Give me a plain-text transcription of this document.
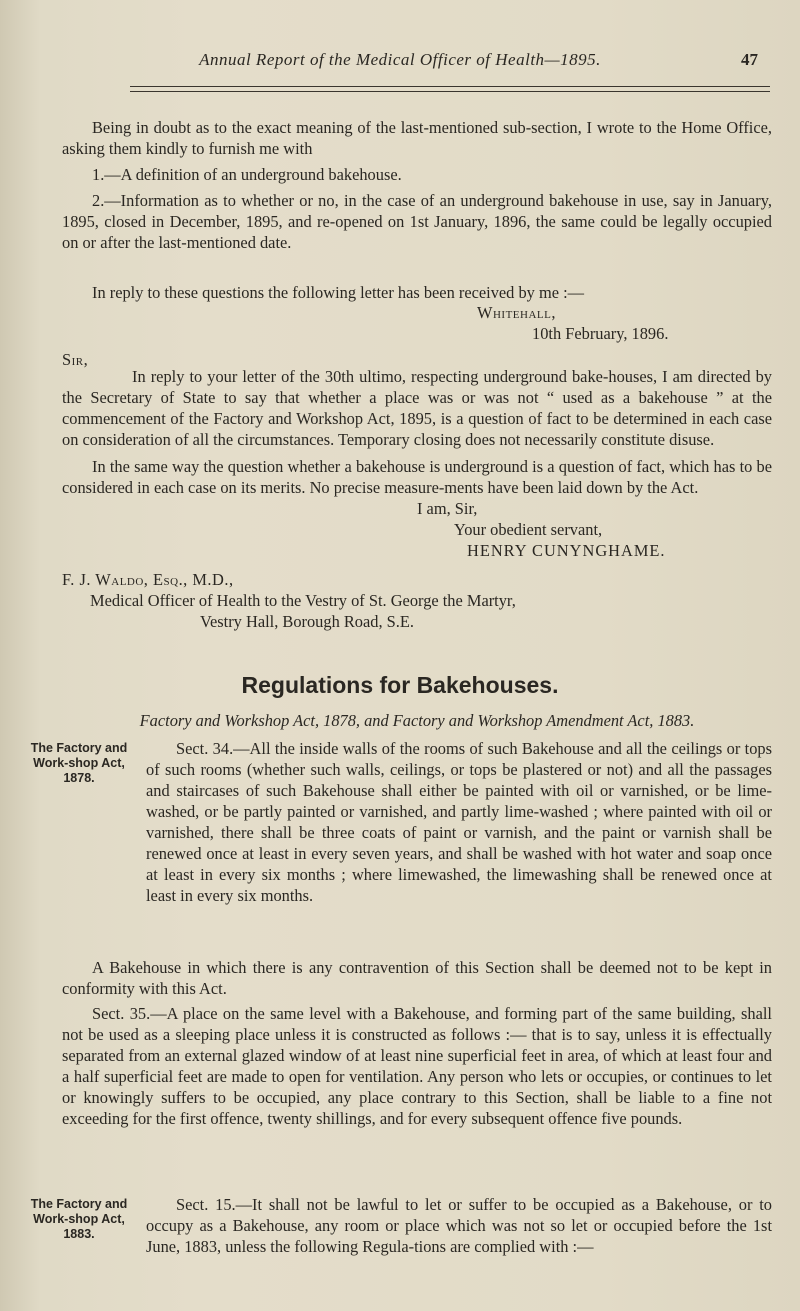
Annual Report of the Medical Officer of Health—1895.	47

Being in doubt as to the exact meaning of the last-mentioned sub-section, I wrote to the Home Office, asking them kindly to furnish me with

1.—A definition of an underground bakehouse.

2.—Information as to whether or no, in the case of an underground bakehouse in use, say in January, 1895, closed in December, 1895, and re-opened on 1st January, 1896, the same could be legally occupied on or after the last-mentioned date.

In reply to these questions the following letter has been received by me :—

Whitehall,
10th February, 1896.
Sir,

In reply to your letter of the 30th ultimo, respecting underground bake-houses, I am directed by the Secretary of State to say that whether a place was or was not “ used as a bakehouse ” at the commencement of the Factory and Workshop Act, 1895, is a question of fact to be determined in each case on consideration of all the circumstances. Temporary closing does not necessarily constitute disuse.

In the same way the question whether a bakehouse is underground is a question of fact, which has to be considered in each case on its merits. No precise measure-ments have been laid down by the Act.

I am, Sir,
Your obedient servant,
HENRY CUNYNGHAME.
F. J. Waldo, Esq., M.D.,
Medical Officer of Health to the Vestry of St. George the Martyr,
Vestry Hall, Borough Road, S.E.
Regulations for Bakehouses.
Factory and Workshop Act, 1878, and Factory and Workshop Amendment Act, 1883.
The Factory and Work-shop Act, 1878.

Sect. 34.—All the inside walls of the rooms of such Bakehouse and all the ceilings or tops of such rooms (whether such walls, ceilings, or tops be plastered or not) and all the passages and staircases of such Bakehouse shall either be painted with oil or varnished, or be lime-washed, or be partly painted or varnished, and partly lime-washed ; where painted with oil or varnished, there shall be three coats of paint or varnish, and the paint or varnish shall be renewed once at least in every seven years, and shall be washed with hot water and soap once at least in every six months ; where limewashed, the limewashing shall be renewed once at least in every six months.

A Bakehouse in which there is any contravention of this Section shall be deemed not to be kept in conformity with this Act.

Sect. 35.—A place on the same level with a Bakehouse, and forming part of the same building, shall not be used as a sleeping place unless it is constructed as follows :— that is to say, unless it is effectually separated from an external glazed window of at least nine superficial feet in area, of which at least four and a half superficial feet are made to open for ventilation. Any person who lets or occupies, or continues to let or knowingly suffers to be occupied, any place contrary to this Section, shall be liable to a fine not exceeding for the first offence, twenty shillings, and for every subsequent offence five pounds.

The Factory and Work-shop Act, 1883.

Sect. 15.—It shall not be lawful to let or suffer to be occupied as a Bakehouse, or to occupy as a Bakehouse, any room or place which was not so let or occupied before the 1st June, 1883, unless the following Regula-tions are complied with :—
